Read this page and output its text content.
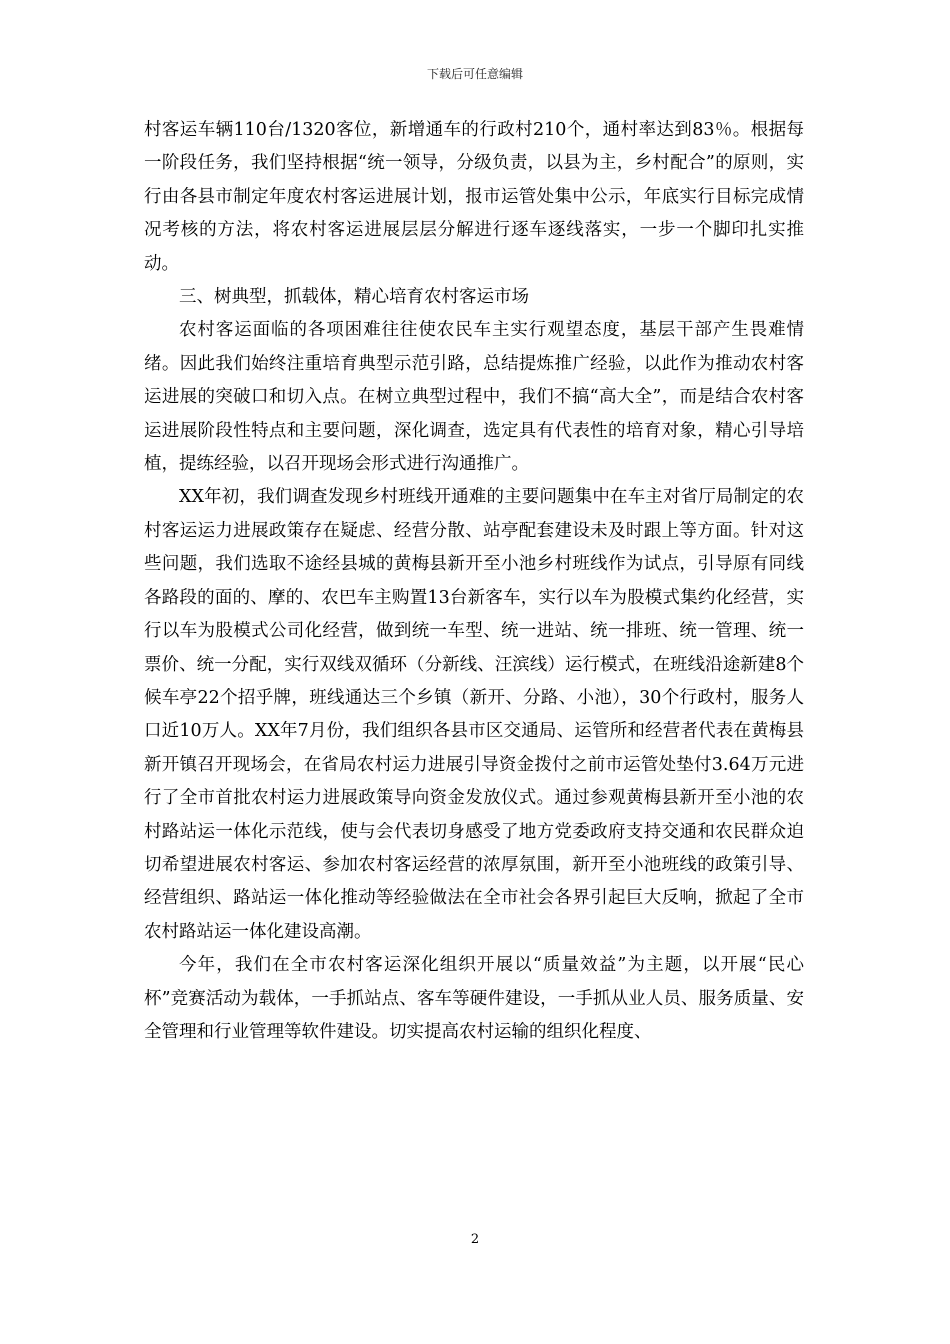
下载后可任意编辑

村客运车辆110台/1320客位，新增通车的行政村210个，通村率达到83％。根据每一阶段任务，我们坚持根据“统一领导，分级负责，以县为主，乡村配合”的原则，实行由各县市制定年度农村客运进展计划，报市运管处集中公示，年底实行目标完成情况考核的方法，将农村客运进展层层分解进行逐车逐线落实，一步一个脚印扎实推动。

三、树典型，抓载体，精心培育农村客运市场

农村客运面临的各项困难往往使农民车主实行观望态度，基层干部产生畏难情绪。因此我们始终注重培育典型示范引路，总结提炼推广经验，以此作为推动农村客运进展的突破口和切入点。在树立典型过程中，我们不搞“高大全”，而是结合农村客运进展阶段性特点和主要问题，深化调查，选定具有代表性的培育对象，精心引导培植，提练经验，以召开现场会形式进行沟通推广。

XX年初，我们调查发现乡村班线开通难的主要问题集中在车主对省厅局制定的农村客运运力进展政策存在疑虑、经营分散、站亭配套建设未及时跟上等方面。针对这些问题，我们选取不途经县城的黄梅县新开至小池乡村班线作为试点，引导原有同线各路段的面的、摩的、农巴车主购置13台新客车，实行以车为股模式集约化经营，实行以车为股模式公司化经营，做到统一车型、统一进站、统一排班、统一管理、统一票价、统一分配，实行双线双循环（分新线、汪滨线）运行模式，在班线沿途新建8个候车亭22个招乎牌，班线通达三个乡镇（新开、分路、小池），30个行政村，服务人口近10万人。XX年7月份，我们组织各县市区交通局、运管所和经营者代表在黄梅县新开镇召开现场会，在省局农村运力进展引导资金拨付之前市运管处垫付3.64万元进行了全市首批农村运力进展政策导向资金发放仪式。通过参观黄梅县新开至小池的农村路站运一体化示范线，使与会代表切身感受了地方党委政府支持交通和农民群众迫切希望进展农村客运、参加农村客运经营的浓厚氛围，新开至小池班线的政策引导、经营组织、路站运一体化推动等经验做法在全市社会各界引起巨大反响，掀起了全市农村路站运一体化建设高潮。

今年，我们在全市农村客运深化组织开展以“质量效益”为主题，以开展“民心杯”竞赛活动为载体，一手抓站点、客车等硬件建设，一手抓从业人员、服务质量、安全管理和行业管理等软件建设。切实提高农村运输的组织化程度、

2
